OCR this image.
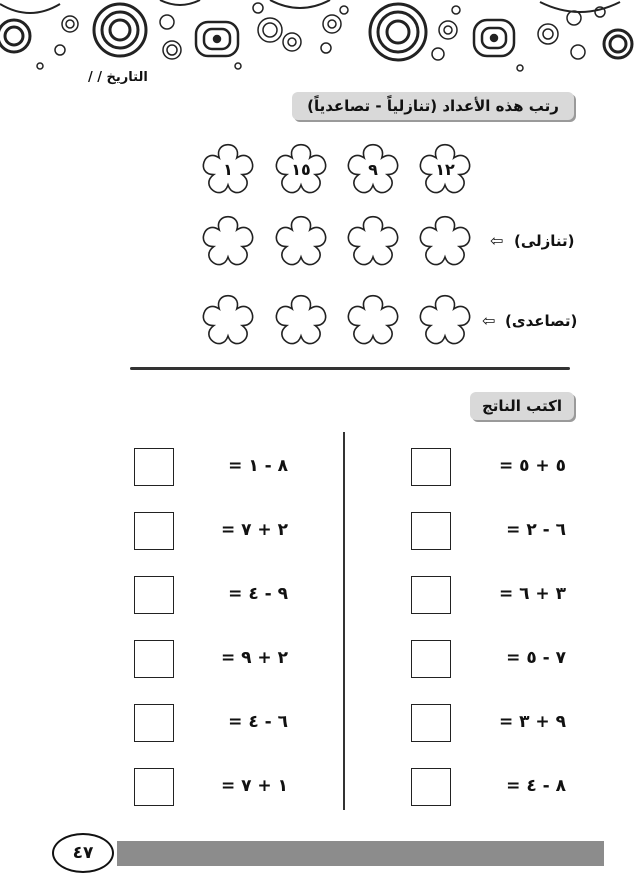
التاريخ / /
رتب هذه الأعداد (تنازلياً - تصاعدياً)
١٢
٩
١٥
١
(تنازلى)
⇦
(تصاعدى)
⇦
اكتب الناتج
٥ + ٥ =
٦ - ٢ =
٣ + ٦ =
٧ - ٥ =
٩ + ٣ =
٨ - ٤ =
٨ - ١ =
٢ + ٧ =
٩ - ٤ =
٢ + ٩ =
٦ - ٤ =
١ + ٧ =
٤٧
